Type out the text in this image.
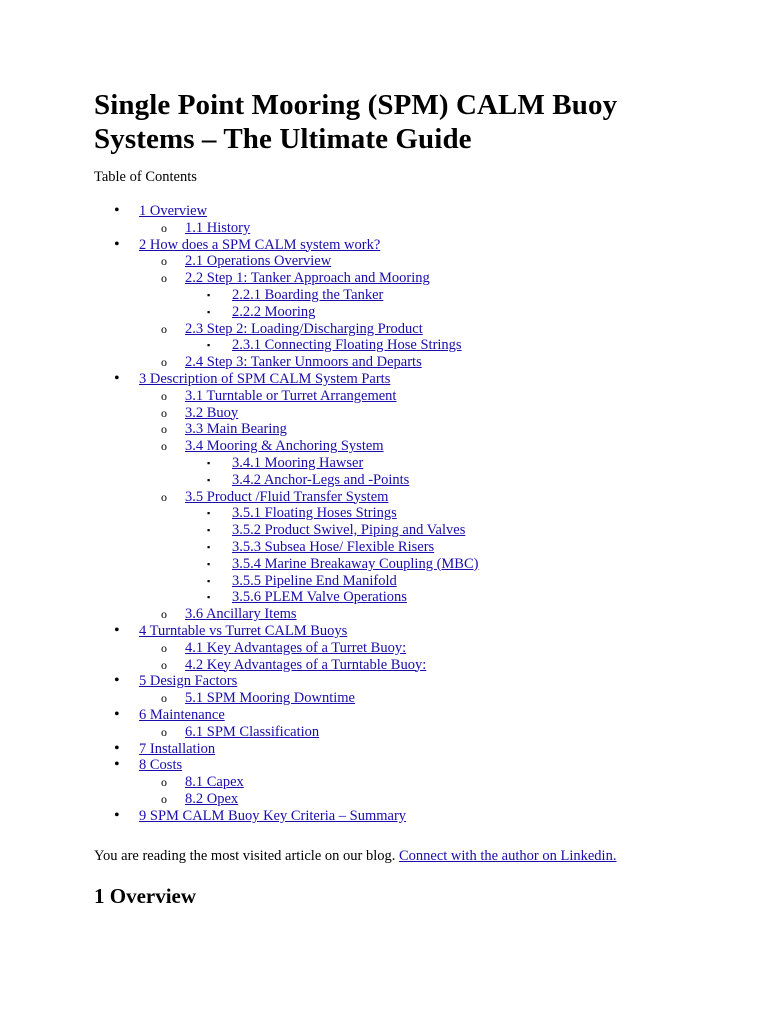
Single Point Mooring (SPM) CALM Buoy Systems – The Ultimate Guide

Table of Contents

• 1 Overview
o 1.1 History
• 2 How does a SPM CALM system work?
o 2.1 Operations Overview
o 2.2 Step 1: Tanker Approach and Mooring
▪ 2.2.1 Boarding the Tanker
▪ 2.2.2 Mooring
o 2.3 Step 2: Loading/Discharging Product
▪ 2.3.1 Connecting Floating Hose Strings
o 2.4 Step 3: Tanker Unmoors and Departs
• 3 Description of SPM CALM System Parts
o 3.1 Turntable or Turret Arrangement
o 3.2 Buoy
o 3.3 Main Bearing
o 3.4 Mooring & Anchoring System
▪ 3.4.1 Mooring Hawser
▪ 3.4.2 Anchor-Legs and -Points
o 3.5 Product /Fluid Transfer System
▪ 3.5.1 Floating Hoses Strings
▪ 3.5.2 Product Swivel, Piping and Valves
▪ 3.5.3 Subsea Hose/ Flexible Risers
▪ 3.5.4 Marine Breakaway Coupling (MBC)
▪ 3.5.5 Pipeline End Manifold
▪ 3.5.6 PLEM Valve Operations
o 3.6 Ancillary Items
• 4 Turntable vs Turret CALM Buoys
o 4.1 Key Advantages of a Turret Buoy:
o 4.2 Key Advantages of a Turntable Buoy:
• 5 Design Factors
o 5.1 SPM Mooring Downtime
• 6 Maintenance
o 6.1 SPM Classification
• 7 Installation
• 8 Costs
o 8.1 Capex
o 8.2 Opex
• 9 SPM CALM Buoy Key Criteria – Summary

You are reading the most visited article on our blog. Connect with the author on Linkedin.

1 Overview
